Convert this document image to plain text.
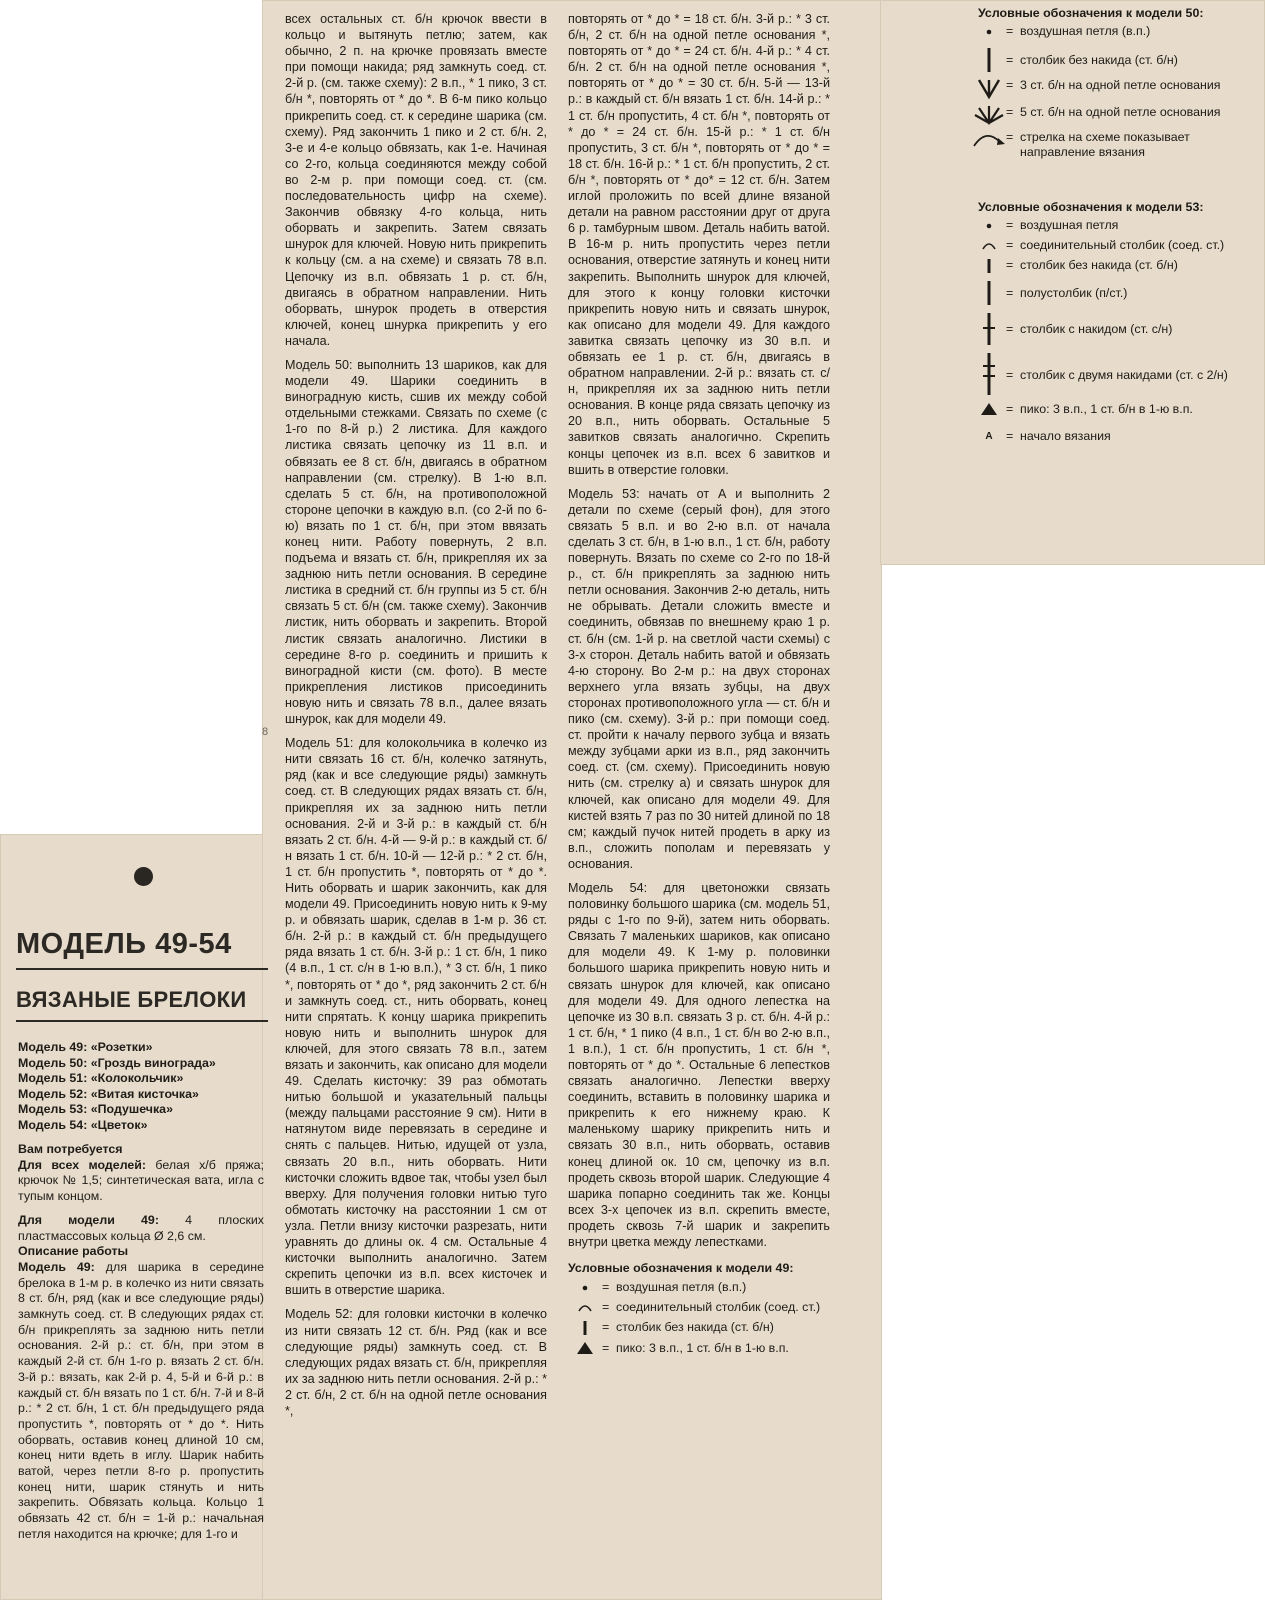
8
МОДЕЛЬ 49-54
ВЯЗАНЫЕ БРЕЛОКИ
Модель 49: «Розетки»
Модель 50: «Гроздь винограда»
Модель 51: «Колокольчик»
Модель 52: «Витая кисточка»
Модель 53: «Подушечка»
Модель 54: «Цветок»
Вам потребуется

Для всех моделей: белая х/б пряжа; крючок № 1,5; синтетическая вата, игла с тупым концом.

Для модели 49: 4 плоских пластмассовых кольца Ø 2,6 см.

Описание работы

Модель 49: для шарика в середине брелока в 1-м р. в колечко из нити связать 8 ст. б/н, ряд (как и все следующие ряды) замкнуть соед. ст. В следующих рядах ст. б/н прикреплять за заднюю нить петли основания. 2-й р.: ст. б/н, при этом в каждый 2-й ст. б/н 1-го р. вязать 2 ст. б/н. 3-й р.: вязать, как 2-й р. 4, 5-й и 6-й р.: в каждый ст. б/н вязать по 1 ст. б/н. 7-й и 8-й р.: * 2 ст. б/н, 1 ст. б/н предыдущего ряда пропустить *, повторять от * до *. Нить оборвать, оставив конец длиной 10 см, конец нити вдеть в иглу. Шарик набить ватой, через петли 8-го р. пропустить конец нити, шарик стянуть и нить закрепить. Обвязать кольца. Кольцо 1 обвязать 42 ст. б/н = 1-й р.: начальная петля находится на крючке; для 1-го и

всех остальных ст. б/н крючок ввести в кольцо и вытянуть петлю; затем, как обычно, 2 п. на крючке провязать вместе при помощи накида; ряд замкнуть соед. ст. 2-й р. (см. также схему): 2 в.п., * 1 пико, 3 ст. б/н *, повторять от * до *. В 6-м пико кольцо прикрепить соед. ст. к середине шарика (см. схему). Ряд закончить 1 пико и 2 ст. б/н. 2, 3-е и 4-е кольцо обвязать, как 1-е. Начиная со 2-го, кольца соединяются между собой во 2-м р. при помощи соед. ст. (см. последовательность цифр на схеме). Закончив обвязку 4-го кольца, нить оборвать и закрепить. Затем связать шнурок для ключей. Новую нить прикрепить к кольцу (см. а на схеме) и связать 78 в.п. Цепочку из в.п. обвязать 1 р. ст. б/н, двигаясь в обратном направлении. Нить оборвать, шнурок продеть в отверстия ключей, конец шнурка прикрепить у его начала.

Модель 50: выполнить 13 шариков, как для модели 49. Шарики соединить в виноградную кисть, сшив их между собой отдельными стежками. Связать по схеме (с 1-го по 8-й р.) 2 листика. Для каждого листика связать цепочку из 11 в.п. и обвязать ее 8 ст. б/н, двигаясь в обратном направлении (см. стрелку). В 1-ю в.п. сделать 5 ст. б/н, на противоположной стороне цепочки в каждую в.п. (со 2-й по 6-ю) вязать по 1 ст. б/н, при этом ввязать конец нити. Работу повернуть, 2 в.п. подъема и вязать ст. б/н, прикрепляя их за заднюю нить петли основания. В середине листика в средний ст. б/н группы из 5 ст. б/н связать 5 ст. б/н (см. также схему). Закончив листик, нить оборвать и закрепить. Второй листик связать аналогично. Листики в середине 8-го р. соединить и пришить к виноградной кисти (см. фото). В месте прикрепления листиков присоединить новую нить и связать 78 в.п., далее вязать шнурок, как для модели 49.

Модель 51: для колокольчика в колечко из нити связать 16 ст. б/н, колечко затянуть, ряд (как и все следующие ряды) замкнуть соед. ст. В следующих рядах вязать ст. б/н, прикрепляя их за заднюю нить петли основания. 2-й и 3-й р.: в каждый ст. б/н вязать 2 ст. б/н. 4-й — 9-й р.: в каждый ст. б/н вязать 1 ст. б/н. 10-й — 12-й р.: * 2 ст. б/н, 1 ст. б/н пропустить *, повторять от * до *. Нить оборвать и шарик закончить, как для модели 49. Присоединить новую нить к 9-му р. и обвязать шарик, сделав в 1-м р. 36 ст. б/н. 2-й р.: в каждый ст. б/н предыдущего ряда вязать 1 ст. б/н. 3-й р.: 1 ст. б/н, 1 пико (4 в.п., 1 ст. с/н в 1-ю в.п.), * 3 ст. б/н, 1 пико *, повторять от * до *, ряд закончить 2 ст. б/н и замкнуть соед. ст., нить оборвать, конец нити спрятать. К концу шарика прикрепить новую нить и выполнить шнурок для ключей, для этого связать 78 в.п., затем вязать и закончить, как описано для модели 49. Сделать кисточку: 39 раз обмотать нитью большой и указательный пальцы (между пальцами расстояние 9 см). Нити в натянутом виде перевязать в середине и снять с пальцев. Нитью, идущей от узла, связать 20 в.п., нить оборвать. Нити кисточки сложить вдвое так, чтобы узел был вверху. Для получения головки нитью туго обмотать кисточку на расстоянии 1 см от узла. Петли внизу кисточки разрезать, нити уравнять до длины ок. 4 см. Остальные 4 кисточки выполнить аналогично. Затем скрепить цепочки из в.п. всех кисточек и вшить в отверстие шарика.

Модель 52: для головки кисточки в колечко из нити связать 12 ст. б/н. Ряд (как и все следующие ряды) замкнуть соед. ст. В следующих рядах вязать ст. б/н, прикрепляя их за заднюю нить петли основания. 2-й р.: * 2 ст. б/н, 2 ст. б/н на одной петле основания *,

повторять от * до * = 18 ст. б/н. 3-й р.: * 3 ст. б/н, 2 ст. б/н на одной петле основания *, повторять от * до * = 24 ст. б/н. 4-й р.: * 4 ст. б/н. 2 ст. б/н на одной петле основания *, повторять от * до * = 30 ст. б/н. 5-й — 13-й р.: в каждый ст. б/н вязать 1 ст. б/н. 14-й р.: * 1 ст. б/н пропустить, 4 ст. б/н *, повторять от * до * = 24 ст. б/н. 15-й р.: * 1 ст. б/н пропустить, 3 ст. б/н *, повторять от * до * = 18 ст. б/н. 16-й р.: * 1 ст. б/н пропустить, 2 ст. б/н *, повторять от * до* = 12 ст. б/н. Затем иглой проложить по всей длине вязаной детали на равном расстоянии друг от друга 6 р. тамбурным швом. Деталь набить ватой. В 16-м р. нить пропустить через петли основания, отверстие затянуть и конец нити закрепить. Выполнить шнурок для ключей, для этого к концу головки кисточки прикрепить новую нить и связать шнурок, как описано для модели 49. Для каждого завитка связать цепочку из 30 в.п. и обвязать ее 1 р. ст. б/н, двигаясь в обратном направлении. 2-й р.: вязать ст. с/н, прикрепляя их за заднюю нить петли основания. В конце ряда связать цепочку из 20 в.п., нить оборвать. Остальные 5 завитков связать аналогично. Скрепить концы цепочек из в.п. всех 6 завитков и вшить в отверстие головки.

Модель 53: начать от А и выполнить 2 детали по схеме (серый фон), для этого связать 5 в.п. и во 2-ю в.п. от начала сделать 3 ст. б/н, в 1-ю в.п., 1 ст. б/н, работу повернуть. Вязать по схеме со 2-го по 18-й р., ст. б/н прикреплять за заднюю нить петли основания. Закончив 2-ю деталь, нить не обрывать. Детали сложить вместе и соединить, обвязав по внешнему краю 1 р. ст. б/н (см. 1-й р. на светлой части схемы) с 3-х сторон. Деталь набить ватой и обвязать 4-ю сторону. Во 2-м р.: на двух сторонах верхнего угла вязать зубцы, на двух сторонах противоположного угла — ст. б/н и пико (см. схему). 3-й р.: при помощи соед. ст. пройти к началу первого зубца и вязать между зубцами арки из в.п., ряд закончить соед. ст. (см. схему). Присоединить новую нить (см. стрелку а) и связать шнурок для ключей, как описано для модели 49. Для кистей взять 7 раз по 30 нитей длиной по 18 см; каждый пучок нитей продеть в арку из в.п., сложить пополам и перевязать у основания.

Модель 54: для цветоножки связать половинку большого шарика (см. модель 51, ряды с 1-го по 9-й), затем нить оборвать. Связать 7 маленьких шариков, как описано для модели 49. К 1-му р. половинки большого шарика прикрепить новую нить и связать шнурок для ключей, как описано для модели 49. Для одного лепестка на цепочке из 30 в.п. связать 3 р. ст. б/н. 4-й р.: 1 ст. б/н, * 1 пико (4 в.п., 1 ст. б/н во 2-ю в.п., 1 в.п.), 1 ст. б/н пропустить, 1 ст. б/н *, повторять от * до *. Остальные 6 лепестков связать аналогично. Лепестки вверху соединить, вставить в половинку шарика и прикрепить к его нижнему краю. К маленькому шарику прикрепить нить и связать 30 в.п., нить оборвать, оставив конец длиной ок. 10 см, цепочку из в.п. продеть сквозь второй шарик. Следующие 4 шарика попарно соединить так же. Концы всех 3-х цепочек из в.п. скрепить вместе, продеть сквозь 7-й шарик и закрепить внутри цветка между лепестками.

Условные обозначения к модели 49:
= воздушная петля (в.п.)
= соединительный столбик (соед. ст.)
= столбик без накида (ст. б/н)
= пико: 3 в.п., 1 ст. б/н в 1-ю в.п.
Условные обозначения к модели 50:
= воздушная петля (в.п.)
= столбик без накида (ст. б/н)
= 3 ст. б/н на одной петле основания
= 5 ст. б/н на одной петле основания
= стрелка на схеме показывает направление вязания
Условные обозначения к модели 53:
= воздушная петля
= соединительный столбик (соед. ст.)
= столбик без накида (ст. б/н)
= полустолбик (п/ст.)
= столбик с накидом (ст. с/н)
= столбик с двумя накидами (ст. с 2/н)
= пико: 3 в.п., 1 ст. б/н в 1-ю в.п.
А	= начало вязания
